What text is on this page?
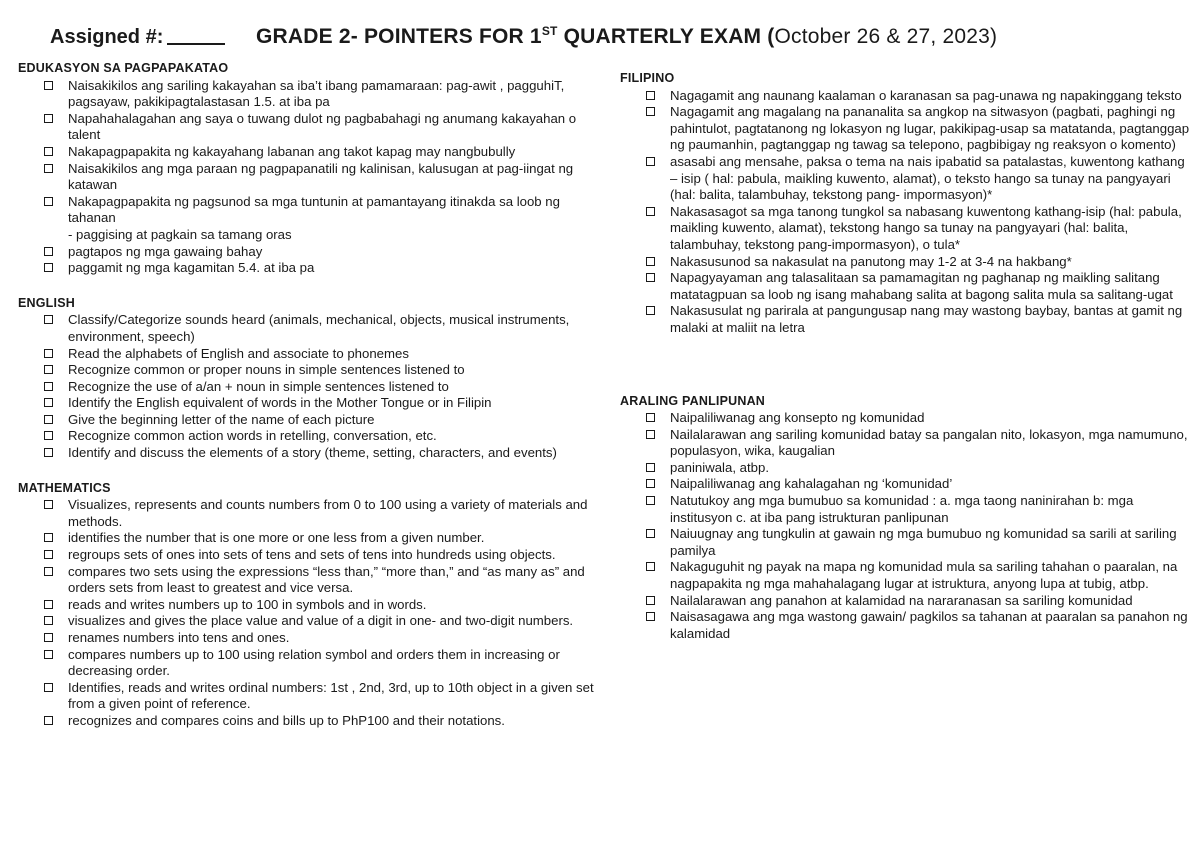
Assigned #:	GRADE 2- POINTERS FOR 1ST QUARTERLY EXAM (October 26 & 27, 2023)
EDUKASYON SA PAGPAPAKATAO
Naisakikilos ang sariling kakayahan sa iba’t ibang pamamaraan: pag-awit , pagguhiT, pagsayaw, pakikipagtalastasan 1.5. at iba pa
Napahahalagahan ang saya o tuwang dulot ng pagbabahagi ng anumang kakayahan o talent
Nakapagpapakita ng kakayahang labanan ang takot kapag may nangbubully
Naisakikilos ang mga paraan ng pagpapanatili ng kalinisan, kalusugan at pag-iingat ng katawan
Nakapagpapakita ng pagsunod sa mga tuntunin at pamantayang itinakda sa loob ng tahanan
- paggising at pagkain sa tamang oras
pagtapos ng mga gawaing bahay
paggamit ng mga kagamitan 5.4. at iba pa
ENGLISH
Classify/Categorize sounds heard (animals, mechanical, objects, musical instruments, environment, speech)
Read the alphabets of English and associate to phonemes
Recognize common or proper nouns in simple sentences listened to
Recognize the use of a/an + noun in simple sentences listened to
Identify the English equivalent of words in the Mother Tongue or in Filipin
Give the beginning letter of the name of each picture
Recognize common action words in retelling, conversation, etc.
Identify and discuss the elements of a story (theme, setting, characters, and events)
MATHEMATICS
Visualizes, represents and counts numbers from 0 to 100 using a variety of materials and methods.
identifies the number that is one more or one less from a given number.
regroups sets of ones into sets of tens and sets of tens into hundreds using objects.
compares two sets using the expressions “less than,” “more than,” and “as many as” and orders sets from least to greatest and vice versa.
reads and writes numbers up to 100 in symbols and in words.
visualizes and gives the place value and value of a digit in one- and two-digit numbers.
renames numbers into tens and ones.
compares numbers up to 100 using relation symbol and orders them in increasing or decreasing order.
Identifies, reads and writes ordinal numbers: 1st , 2nd, 3rd, up to 10th object in a given set from a given point of reference.
recognizes and compares coins and bills up to PhP100 and their notations.
FILIPINO
Nagagamit ang naunang kaalaman o karanasan sa pag-unawa ng napakinggang teksto
Nagagamit ang magalang na pananalita sa angkop na sitwasyon (pagbati, paghingi ng pahintulot, pagtatanong ng lokasyon ng lugar, pakikipag-usap sa matatanda, pagtanggap ng paumanhin, pagtanggap ng tawag sa telepono, pagbibigay ng reaksyon o komento)
asasabi ang mensahe, paksa o tema na nais ipabatid sa patalastas, kuwentong kathang – isip ( hal: pabula, maikling kuwento, alamat), o teksto hango sa tunay na pangyayari (hal: balita, talambuhay, tekstong pang- impormasyon)*
Nakasasagot sa mga tanong tungkol sa nabasang kuwentong kathang-isip (hal: pabula, maikling kuwento, alamat), tekstong hango sa tunay na pangyayari (hal: balita, talambuhay, tekstong pang-impormasyon), o tula*
Nakasusunod sa nakasulat na panutong may 1-2 at 3-4 na hakbang*
Napagyayaman ang talasalitaan sa pamamagitan ng paghanap ng maikling salitang matatagpuan sa loob ng isang mahabang salita at bagong salita mula sa salitang-ugat
Nakasusulat ng parirala at pangungusap nang may wastong baybay, bantas at gamit ng malaki at maliit na letra
ARALING PANLIPUNAN
Naipaliliwanag ang konsepto ng komunidad
Nailalarawan ang sariling komunidad batay sa pangalan nito, lokasyon, mga namumuno, populasyon, wika, kaugalian
paniniwala, atbp.
Naipaliliwanag ang kahalagahan ng ‘komunidad’
Natutukoy ang mga bumubuo sa komunidad : a. mga taong naninirahan b: mga institusyon c. at iba pang istrukturan panlipunan
Naiuugnay ang tungkulin at gawain ng mga bumubuo ng komunidad sa sarili at sariling pamilya
Nakaguguhit ng payak na mapa ng komunidad mula sa sariling tahahan o paaralan, na nagpapakita ng mga mahahalagang lugar at istruktura, anyong lupa at tubig, atbp.
Nailalarawan ang panahon at kalamidad na nararanasan sa sariling komunidad
Naisasagawa ang mga wastong gawain/ pagkilos sa tahanan at paaralan sa panahon ng kalamidad
